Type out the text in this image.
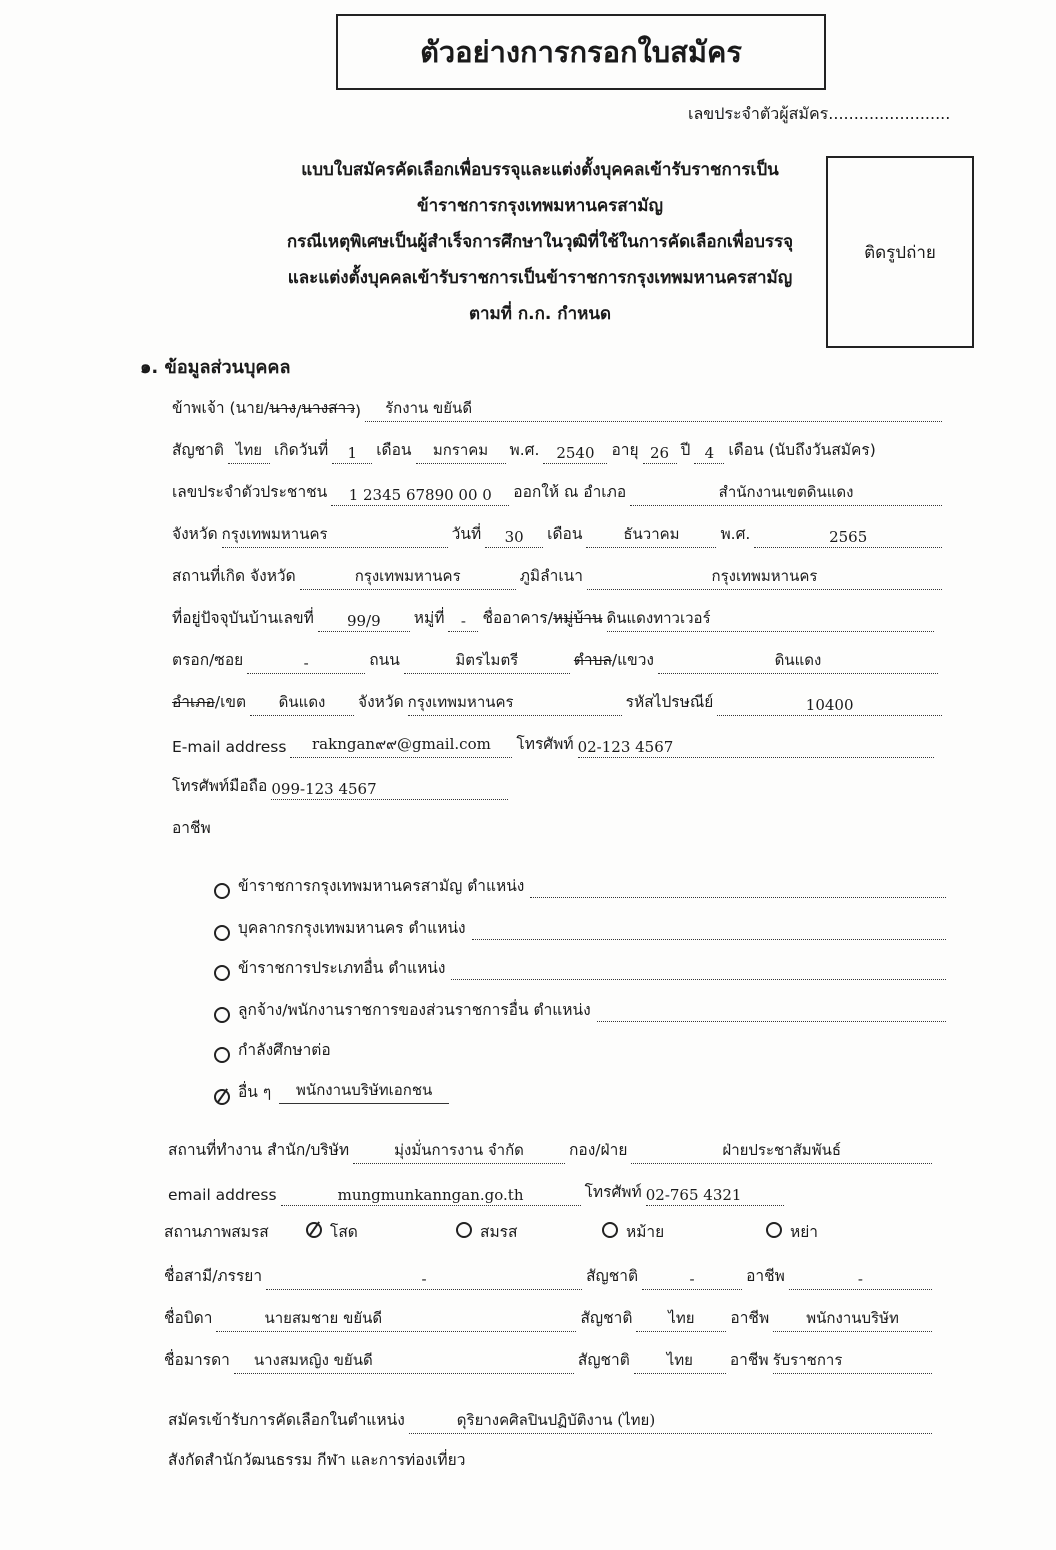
ตัวอย่างการกรอกใบสมัคร
เลขประจำตัวผู้สมัคร........................
แบบใบสมัครคัดเลือกเพื่อบรรจุและแต่งตั้งบุคคลเข้ารับราชการเป็น
ข้าราชการกรุงเทพมหานครสามัญ
กรณีเหตุพิเศษเป็นผู้สำเร็จการศึกษาในวุฒิที่ใช้ในการคัดเลือกเพื่อบรรจุ
และแต่งตั้งบุคคลเข้ารับราชการเป็นข้าราชการกรุงเทพมหานครสามัญ
ตามที่ ก.ก. กำหนด
ติดรูปถ่าย
๑. ข้อมูลส่วนบุคคล
ข้าพเจ้า (นาย/ นาง / นางสาว )	รักงาน ขยันดี
สัญชาติ ไทย เกิดวันที่	1	เดือน	มกราคม	พ.ศ.	2540	อายุ 26 ปี 4 เดือน (นับถึงวันสมัคร)
เลขประจำตัวประชาชน	1 2345 67890 00 0	ออกให้ ณ อำเภอ	สำนักงานเขตดินแดง
จังหวัด กรุงเทพมหานคร	วันที่	30	เดือน	ธันวาคม	พ.ศ.	2565
สถานที่เกิด จังหวัด	กรุงเทพมหานคร	ภูมิลำเนา	กรุงเทพมหานคร
ที่อยู่ปัจจุบันบ้านเลขที่	99/9	หมู่ที่	-	ชื่ออาคาร/ หมู่บ้าน ดินแดงทาวเวอร์
ตรอก/ซอย	-	ถนน	มิตรไมตรี	ตำบล /แขวง	ดินแดง
อำเภอ /เขต	ดินแดง	จังหวัด กรุงเทพมหานคร	รหัสไปรษณีย์	10400
E-mail address	rakngan๙๙@gmail.com	โทรศัพท์ 02-123 4567
โทรศัพท์มือถือ 099-123 4567
อาชีพ
ข้าราชการกรุงเทพมหานครสามัญ ตำแหน่ง
บุคลากรกรุงเทพมหานคร ตำแหน่ง
ข้าราชการประเภทอื่น ตำแหน่ง
ลูกจ้าง/พนักงานราชการของส่วนราชการอื่น ตำแหน่ง
กำลังศึกษาต่อ
อื่น ๆ	พนักงานบริษัทเอกชน
สถานที่ทำงาน สำนัก/บริษัท	มุ่งมั่นการงาน จำกัด	กอง/ฝ่าย	ฝ่ายประชาสัมพันธ์
email address	mungmunkanngan.go.th	โทรศัพท์ 02-765 4321
สถานภาพสมรส	โสด	สมรส	หม้าย	หย่า
ชื่อสามี/ภรรยา	-	สัญชาติ	-	อาชีพ	-
ชื่อบิดา	นายสมชาย ขยันดี	สัญชาติ	ไทย	อาชีพ	พนักงานบริษัท
ชื่อมารดา	นางสมหญิง ขยันดี	สัญชาติ	ไทย	อาชีพ รับราชการ
สมัครเข้ารับการคัดเลือกในตำแหน่ง	ดุริยางคศิลปินปฏิบัติงาน (ไทย)
สังกัดสำนักวัฒนธรรม กีฬา และการท่องเที่ยว
